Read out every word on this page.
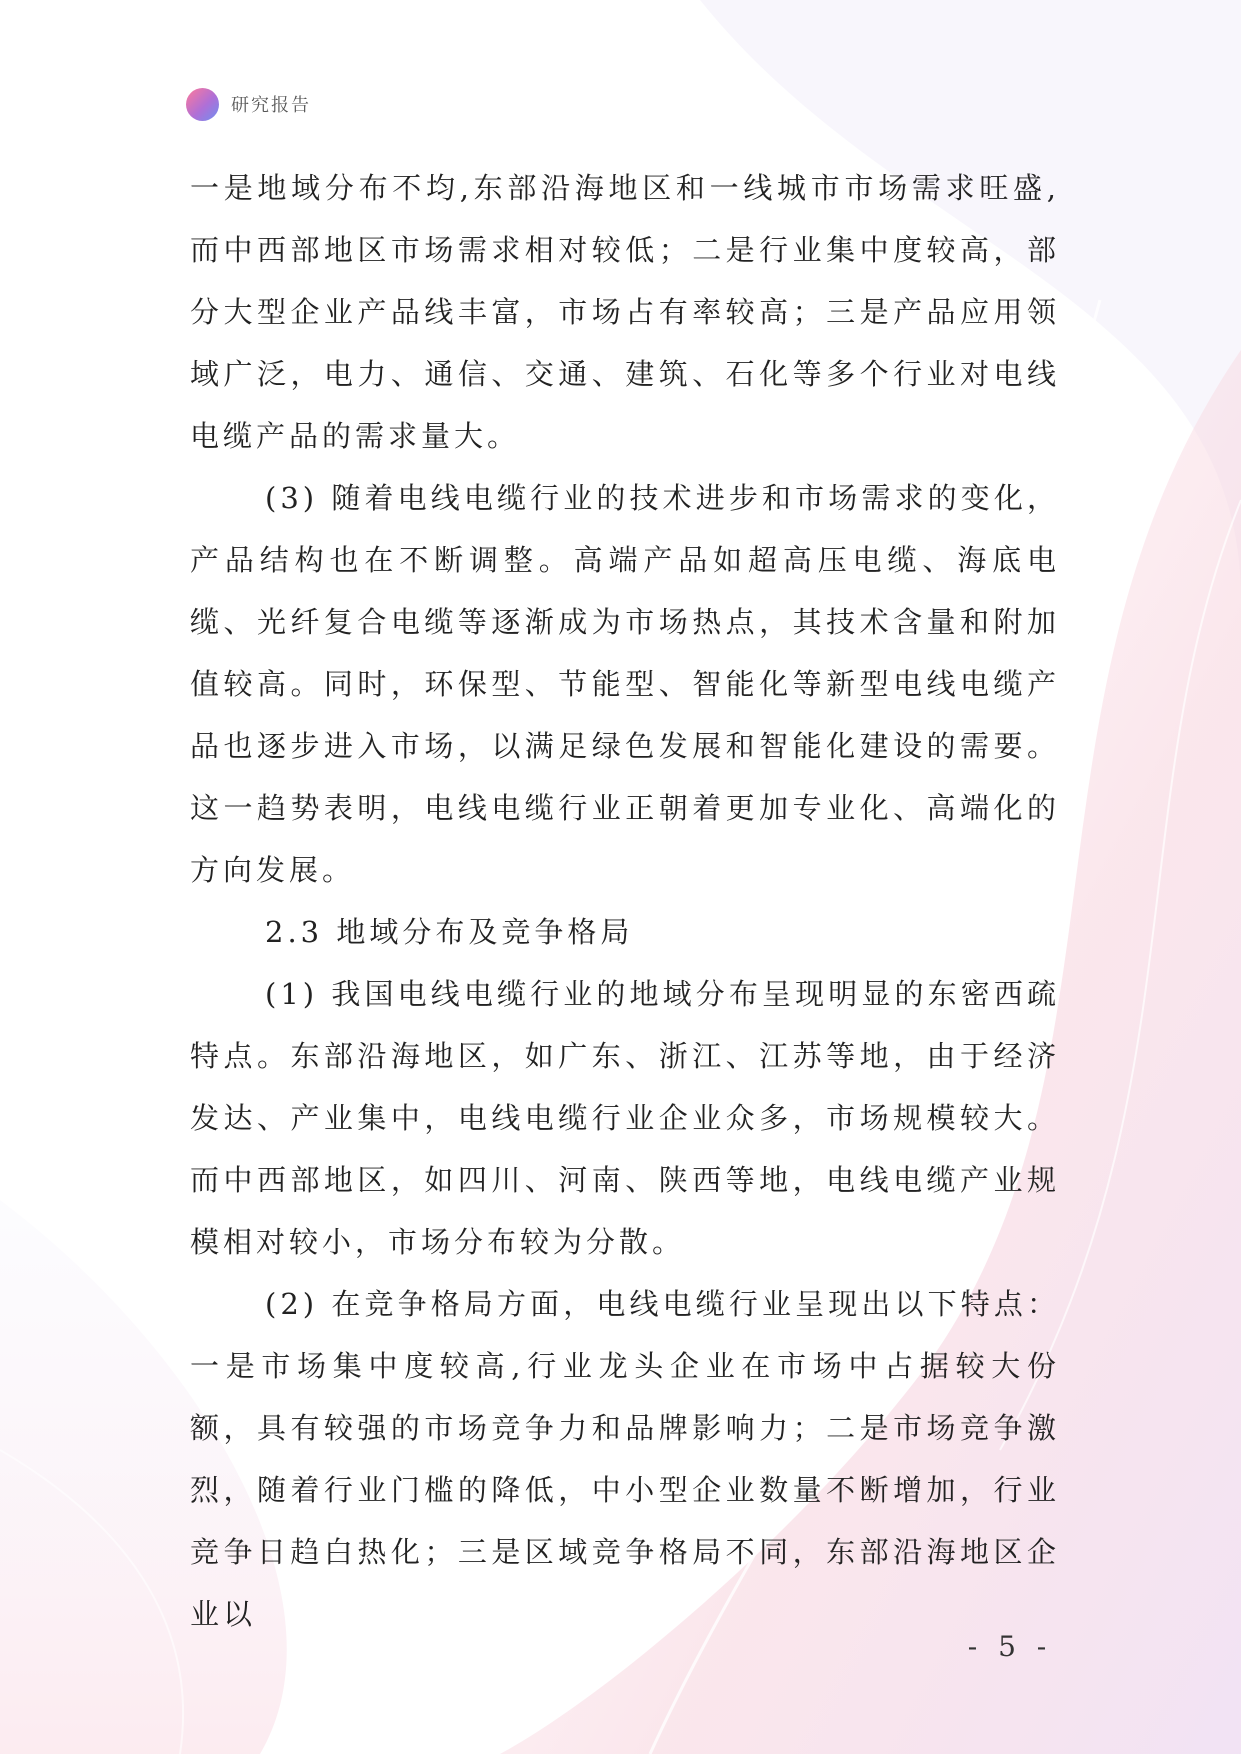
研究报告

一是地域分布不均,东部沿海地区和一线城市市场需求旺盛,而中西部地区市场需求相对较低；二是行业集中度较高，部分大型企业产品线丰富，市场占有率较高；三是产品应用领域广泛，电力、通信、交通、建筑、石化等多个行业对电线电缆产品的需求量大。

(3) 随着电线电缆行业的技术进步和市场需求的变化，产品结构也在不断调整。高端产品如超高压电缆、海底电缆、光纤复合电缆等逐渐成为市场热点，其技术含量和附加值较高。同时，环保型、节能型、智能化等新型电线电缆产品也逐步进入市场，以满足绿色发展和智能化建设的需要。这一趋势表明，电线电缆行业正朝着更加专业化、高端化的方向发展。

2.3 地域分布及竞争格局

(1) 我国电线电缆行业的地域分布呈现明显的东密西疏特点。东部沿海地区，如广东、浙江、江苏等地，由于经济发达、产业集中，电线电缆行业企业众多，市场规模较大。而中西部地区，如四川、河南、陕西等地，电线电缆产业规模相对较小，市场分布较为分散。

(2) 在竞争格局方面，电线电缆行业呈现出以下特点：一是市场集中度较高,行业龙头企业在市场中占据较大份额，具有较强的市场竞争力和品牌影响力；二是市场竞争激烈，随着行业门槛的降低，中小型企业数量不断增加，行业竞争日趋白热化；三是区域竞争格局不同，东部沿海地区企业以

- 5 -
